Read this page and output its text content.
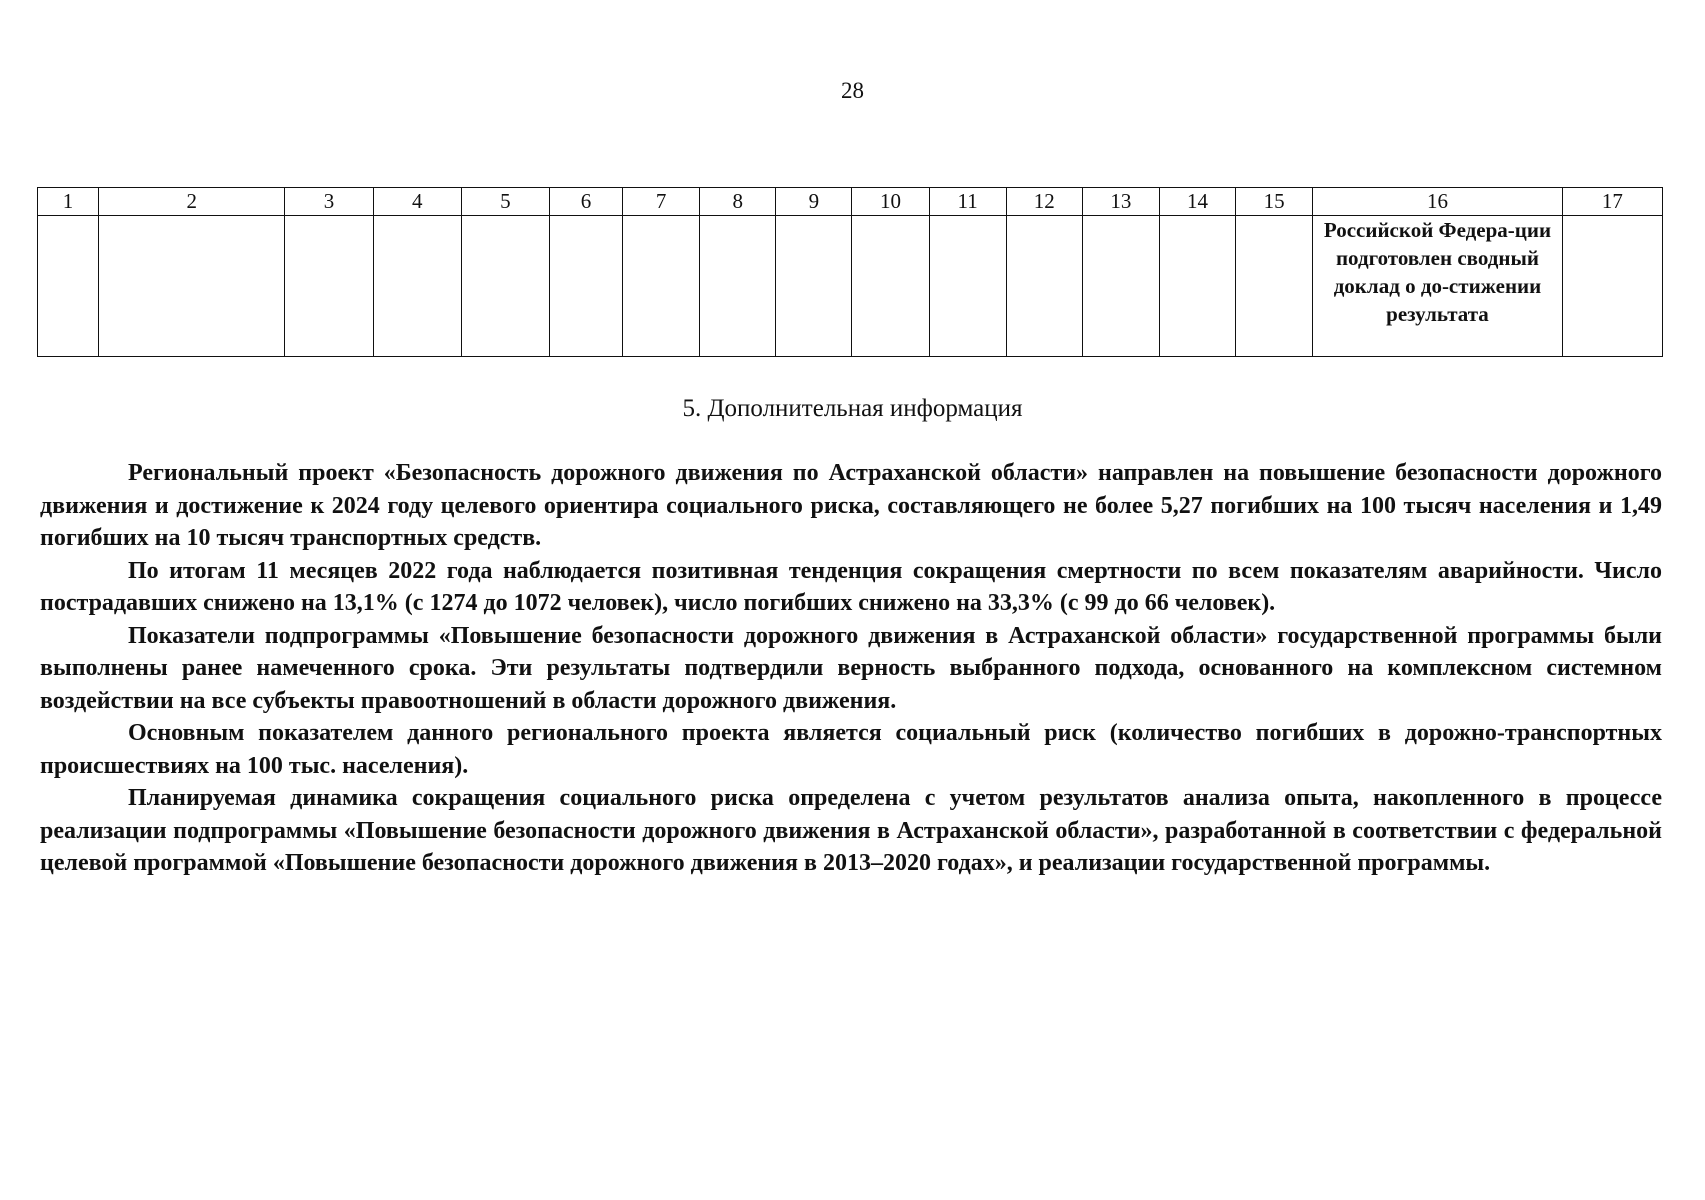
28
1	2	3	4	5	6	7	8	9	10	11	12	13	14	15	16	17
															Российской Федера-ции подготовлен сводный доклад о до-стижении результата	
5. Дополнительная информация

Региональный проект «Безопасность дорожного движения по Астраханской области» направлен на повышение безопасности дорожного движения и достижение к 2024 году целевого ориентира социального риска, составляющего не более 5,27 погибших на 100 тысяч населения и 1,49 погибших на 10 тысяч транспортных средств.

По итогам 11 месяцев 2022 года наблюдается позитивная тенденция сокращения смертности по всем показателям аварийности. Число пострадавших снижено на 13,1% (с 1274 до 1072 человек), число погибших снижено на 33,3% (с 99 до 66 человек).

Показатели подпрограммы «Повышение безопасности дорожного движения в Астраханской области» государственной программы были выполнены ранее намеченного срока. Эти результаты подтвердили верность выбранного подхода, основанного на комплексном системном воздействии на все субъекты правоотношений в области дорожного движения.

Основным показателем данного регионального проекта является социальный риск (количество погибших в дорожно-транспортных происшествиях на 100 тыс. населения).

Планируемая динамика сокращения социального риска определена с учетом результатов анализа опыта, накопленного в процессе реализации подпрограммы «Повышение безопасности дорожного движения в Астраханской области», разработанной в соответствии с федеральной целевой программой «Повышение безопасности дорожного движения в 2013–2020 годах», и реализации государственной программы.
